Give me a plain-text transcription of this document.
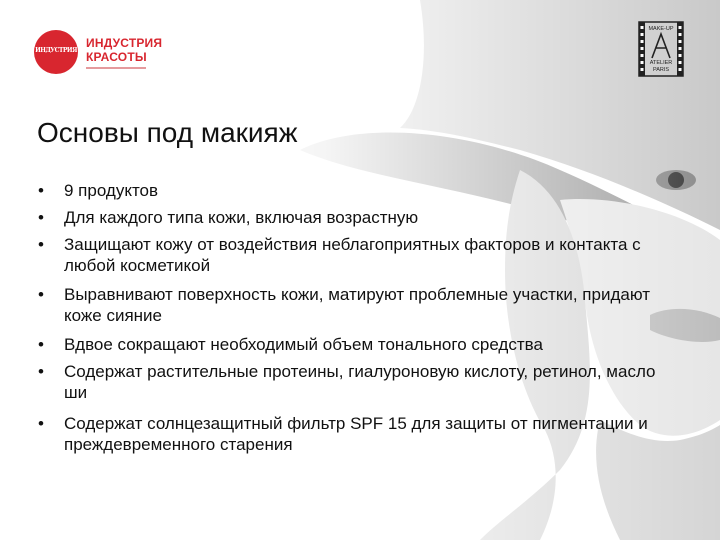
ИНДУСТРИЯ
ИНДУСТРИЯ
КРАСОТЫ
MAKE-UP
ATELIER
PARIS
Основы под макияж
• 9 продуктов
• Для каждого типа кожи, включая возрастную
• Защищают кожу от воздействия неблагоприятных факторов и контакта с любой косметикой
• Выравнивают поверхность кожи, матируют проблемные участки, придают коже сияние
• Вдвое сокращают необходимый объем тонального средства
• Содержат растительные протеины, гиалуроновую кислоту, ретинол, масло ши
• Содержат солнцезащитный фильтр SPF 15 для защиты от пигментации и преждевременного старения
